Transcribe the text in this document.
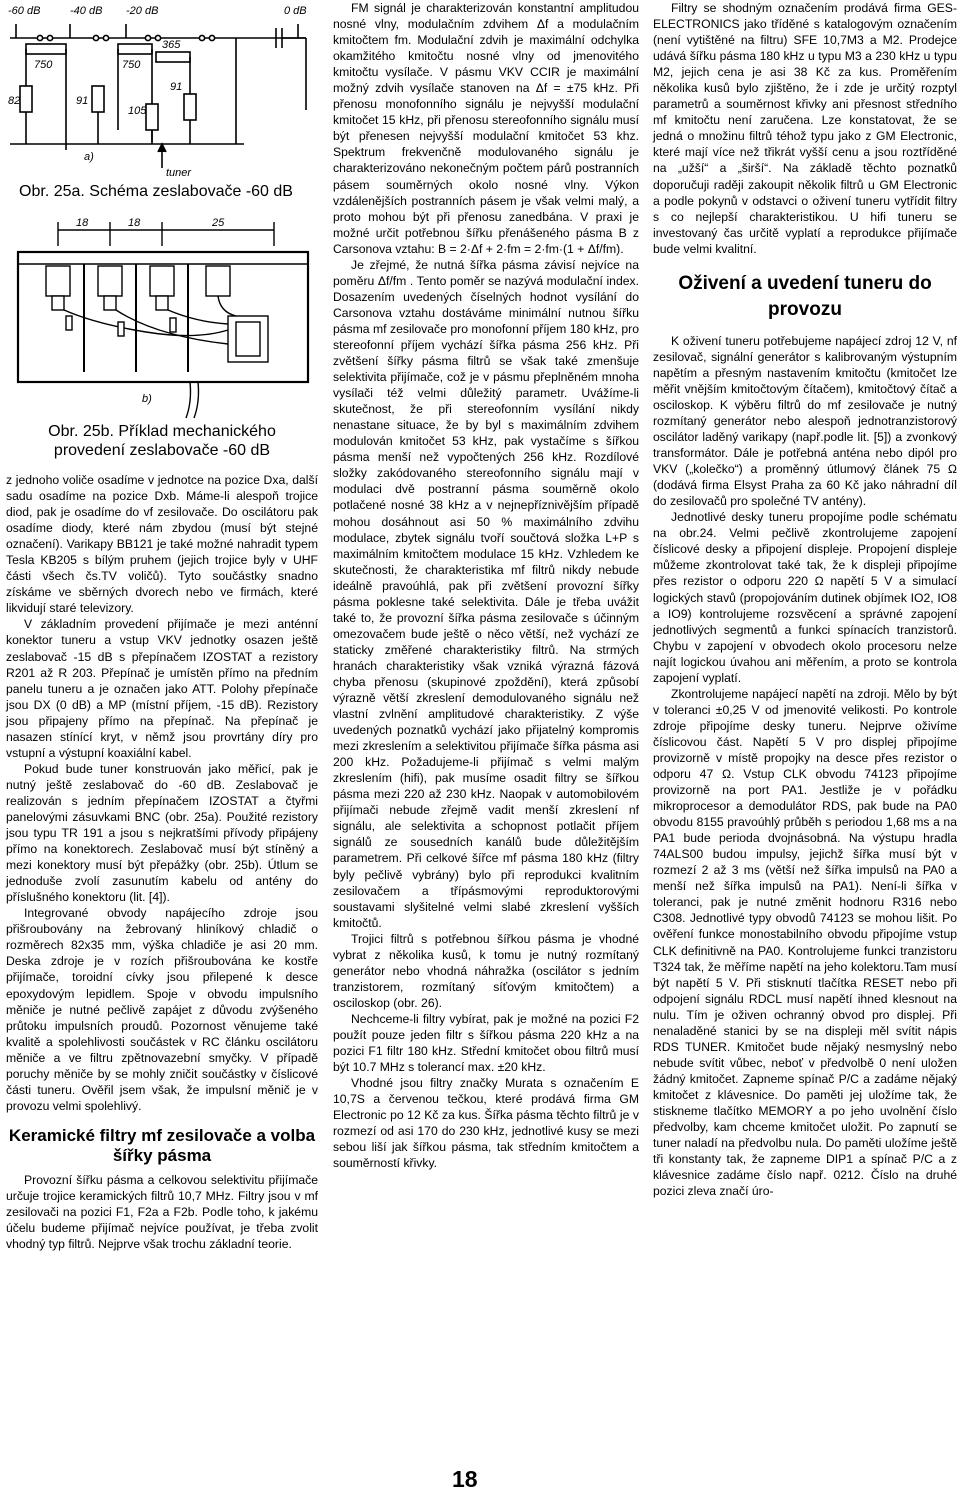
-60 dB	-40 dB -20 dB	0 dB
750	750
365
91
82	91
105
a)
tuner

Obr. 25a. Schéma zeslabovače -60 dB

18	18	25
b)

Obr. 25b. Příklad mechanického
provedení zeslabovače -60 dB

z jednoho voliče osadíme v jednotce na pozice Dxa, další sadu osadíme na pozice Dxb. Máme-li alespoň trojice diod, pak je osadíme do vf zesilovače. Do oscilátoru pak osadíme diody, které nám zbydou (musí být stejné označení). Varikapy BB121 je také možné nahradit typem Tesla KB205 s bílým pruhem (jejich trojice byly v UHF části všech čs.TV voličů). Tyto součástky snadno získáme ve sběrných dvorech nebo ve firmách, které likvidují staré televizory.

V základním provedení přijímače je mezi anténní konektor tuneru a vstup VKV jednotky osazen ještě zeslabovač -15 dB s přepínačem IZOSTAT a rezistory R201 až R 203. Přepínač je umístěn přímo na předním panelu tuneru a je označen jako ATT. Polohy přepínače jsou DX (0 dB) a MP (místní příjem, -15 dB). Rezistory jsou připajeny přímo na přepínač. Na přepínač je nasazen stínící kryt, v němž jsou provrtány díry pro vstupní a výstupní koaxiální kabel.

Pokud bude tuner konstruován jako měřicí, pak je nutný ještě zeslabovač do -60 dB. Zeslabovač je realizován s jedním přepínačem IZOSTAT a čtyřmi panelovými zásuvkami BNC (obr. 25a). Použité rezistory jsou typu TR 191 a jsou s nejkratšími přívody připájeny přímo na konektorech. Zeslabovač musí být stíněný a mezi konektory musí být přepážky (obr. 25b). Útlum se jednoduše zvolí zasunutím kabelu od antény do příslušného konektoru (lit. [4]).

Integrované obvody napájecího zdroje jsou přišroubovány na žebrovaný hliníkový chladič o rozměrech 82x35 mm, výška chladiče je asi 20 mm. Deska zdroje je v rozích přišroubována ke kostře přijímače, toroidní cívky jsou přilepené k desce epoxydovým lepidlem. Spoje v obvodu impulsního měniče je nutné pečlivě zapájet z důvodu zvýšeného průtoku impulsních proudů. Pozornost věnujeme také kvalitě a spolehlivosti součástek v RC článku oscilátoru měniče a ve filtru zpětnovazební smyčky. V případě poruchy měniče by se mohly zničit součástky v číslicové části tuneru. Ověřil jsem však, že impulsní měnič je v provozu velmi spolehlivý.

Keramické filtry mf zesilovače a volba šířky pásma

Provozní šířku pásma a celkovou selektivitu přijímače určuje trojice keramických filtrů 10,7 MHz. Filtry jsou v mf zesilovači na pozici F1, F2a a F2b. Podle toho, k jakému účelu budeme přijímač nejvíce používat, je třeba zvolit vhodný typ filtrů. Nejprve však trochu základní teorie.

FM signál je charakterizován konstantní amplitudou nosné vlny, modulačním zdvihem Δf a modulačním kmitočtem fm. Modulační zdvih je maximální odchylka okamžitého kmitočtu nosné vlny od jmenovitého kmitočtu vysílače. V pásmu VKV CCIR je maximální možný zdvih vysílače stanoven na Δf = ±75 kHz. Při přenosu monofonního signálu je nejvyšší modulační kmitočet 15 kHz, při přenosu stereofonního signálu musí být přenesen nejvyšší modulační kmitočet 53 khz. Spektrum frekvenčně modulovaného signálu je charakterizováno nekonečným počtem párů postranních pásem souměrných okolo nosné vlny. Výkon vzdálenějších postranních pásem je však velmi malý, a proto mohou být při přenosu zanedbána. V praxi je možné určit potřebnou šířku přenášeného pásma B z Carsonova vztahu: B = 2·Δf + 2·fm = 2·fm·(1 + Δf/fm).

Je zřejmé, že nutná šířka pásma závisí nejvíce na poměru Δf/fm . Tento poměr se nazývá modulační index. Dosazením uvedených číselných hodnot vysílání do Carsonova vztahu dostáváme minimální nutnou šířku pásma mf zesilovače pro monofonní příjem 180 kHz, pro stereofonní příjem vychází šířka pásma 256 kHz. Při zvětšení šířky pásma filtrů se však také zmenšuje selektivita přijímače, což je v pásmu přeplněném mnoha vysílači též velmi důležitý parametr. Uvážíme-li skutečnost, že při stereofonním vysílání nikdy nenastane situace, že by byl s maximálním zdvihem modulován kmitočet 53 kHz, pak vystačíme s šířkou pásma menší než vypočtených 256 kHz. Rozdílové složky zakódovaného stereofonního signálu mají v modulaci dvě postranní pásma souměrně okolo potlačené nosné 38 kHz a v nejnepříznivějším případě mohou dosáhnout asi 50 % maximálního zdvihu modulace, zbytek signálu tvoří součtová složka L+P s maximálním kmitočtem modulace 15 kHz. Vzhledem ke skutečnosti, že charakteristika mf filtrů nikdy nebude ideálně pravoúhlá, pak při zvětšení provozní šířky pásma poklesne také selektivita. Dále je třeba uvážit také to, že provozní šířka pásma zesilovače s účinným omezovačem bude ještě o něco větší, než vychází ze staticky změřené charakteristiky filtrů. Na strmých hranách charakteristiky však vzniká výrazná fázová chyba přenosu (skupinové zpoždění), která způsobí výrazně větší zkreslení demodulovaného signálu než vlastní zvlnění amplitudové charakteristiky. Z výše uvedených poznatků vychází jako přijatelný kompromis mezi zkreslením a selektivitou přijímače šířka pásma asi 200 kHz. Požadujeme-li přijímač s velmi malým zkreslením (hifi), pak musíme osadit filtry se šířkou pásma mezi 220 až 230 kHz. Naopak v automobilovém přijímači nebude zřejmě vadit menší zkreslení nf signálu, ale selektivita a schopnost potlačit příjem signálů ze sousedních kanálů bude důležitějším parametrem. Při celkové šířce mf pásma 180 kHz (filtry byly pečlivě vybrány) bylo při reprodukci kvalitním zesilovačem a třípásmovými reproduktorovými soustavami slyšitelné velmi slabé zkreslení vyšších kmitočtů.

Trojici filtrů s potřebnou šířkou pásma je vhodné vybrat z několika kusů, k tomu je nutný rozmítaný generátor nebo vhodná náhražka (oscilátor s jedním tranzistorem, rozmítaný síťovým kmitočtem) a osciloskop (obr. 26).

Nechceme-li filtry vybírat, pak je možné na pozici F2 použít pouze jeden filtr s šířkou pásma 220 kHz a na pozici F1 filtr 180 kHz. Střední kmitočet obou filtrů musí být 10.7 MHz s tolerancí max. ±20 kHz.

Vhodné jsou filtry značky Murata s označením E 10,7S a červenou tečkou, které prodává firma GM Electronic po 12 Kč za kus. Šířka pásma těchto filtrů je v rozmezí od asi 170 do 230 kHz, jednotlivé kusy se mezi sebou liší jak šířkou pásma, tak středním kmitočtem a souměrností křivky.

Filtry se shodným označením prodává firma GES-ELECTRONICS jako tříděné s katalogovým označením (není vytištěné na filtru) SFE 10,7M3 a M2. Prodejce udává šířku pásma 180 kHz u typu M3 a 230 kHz u typu M2, jejich cena je asi 38 Kč za kus. Proměřením několika kusů bylo zjištěno, že i zde je určitý rozptyl parametrů a souměrnost křivky ani přesnost středního mf kmitočtu není zaručena. Lze konstatovat, že se jedná o množinu filtrů téhož typu jako z GM Electronic, které mají více než třikrát vyšší cenu a jsou roztříděné na „užší“ a „širší“. Na základě těchto poznatků doporučuji raději zakoupit několik filtrů u GM Electronic a podle pokynů v odstavci o oživení tuneru vytřídit filtry s co nejlepší charakteristikou. U hifi tuneru se investovaný čas určitě vyplatí a reprodukce přijímače bude velmi kvalitní.

Oživení a uvedení tuneru do provozu

K oživení tuneru potřebujeme napájecí zdroj 12 V, nf zesilovač, signální generátor s kalibrovaným výstupním napětím a přesným nastavením kmitočtu (kmitočet lze měřit vnějším kmitočtovým čítačem), kmitočtový čítač a osciloskop. K výběru filtrů do mf zesilovače je nutný rozmítaný generátor nebo alespoň jednotranzistorový oscilátor laděný varikapy (např.podle lit. [5]) a zvonkový transformátor. Dále je potřebná anténa nebo dipól pro VKV („kolečko“) a proměnný útlumový článek 75 Ω (dodává firma Elsyst Praha za 60 Kč jako náhradní díl do zesilovačů pro společné TV antény).

Jednotlivé desky tuneru propojíme podle schématu na obr.24. Velmi pečlivě zkontrolujeme zapojení číslicové desky a připojení displeje. Propojení displeje můžeme zkontrolovat také tak, že k displeji připojíme přes rezistor o odporu 220 Ω napětí 5 V a simulací logických stavů (propojováním dutinek objímek IO2, IO8 a IO9) kontrolujeme rozsvěcení a správné zapojení jednotlivých segmentů a funkci spínacích tranzistorů. Chybu v zapojení v obvodech okolo procesoru nelze najít logickou úvahou ani měřením, a proto se kontrola zapojení vyplatí.

Zkontrolujeme napájecí napětí na zdroji. Mělo by být v toleranci ±0,25 V od jmenovité velikosti. Po kontrole zdroje připojíme desky tuneru. Nejprve oživíme číslicovou část. Napětí 5 V pro displej připojíme provizorně v místě propojky na desce přes rezistor o odporu 47 Ω. Vstup CLK obvodu 74123 připojíme provizorně na port PA1. Jestliže je v pořádku mikroprocesor a demodulátor RDS, pak bude na PA0 obvodu 8155 pravoúhlý průběh s periodou 1,68 ms a na PA1 bude perioda dvojnásobná. Na výstupu hradla 74ALS00 budou impulsy, jejichž šířka musí být v rozmezí 2 až 3 ms (větší než šířka impulsů na PA0 a menší než šířka impulsů na PA1). Není-li šířka v toleranci, pak je nutné změnit hodnoru R316 nebo C308. Jednotlivé typy obvodů 74123 se mohou lišit. Po ověření funkce monostabilního obvodu připojíme vstup CLK definitivně na PA0. Kontrolujeme funkci tranzistoru T324 tak, že měříme napětí na jeho kolektoru.Tam musí být napětí 5 V. Při stisknutí tlačítka RESET nebo při odpojení signálu RDCL musí napětí ihned klesnout na nulu. Tím je oživen ochranný obvod pro displej. Při nenaladěné stanici by se na displeji měl svítit nápis RDS TUNER. Kmitočet bude nějaký nesmyslný nebo nebude svítit vůbec, neboť v předvolbě 0 není uložen žádný kmitočet. Zapneme spínač P/C a zadáme nějaký kmitočet z klávesnice. Do paměti jej uložíme tak, že stiskneme tlačítko MEMORY a po jeho uvolnění číslo předvolby, kam chceme kmitočet uložit. Po zapnutí se tuner naladí na předvolbu nula. Do paměti uložíme ještě tři konstanty tak, že zapneme DIP1 a spínač P/C a z klávesnice zadáme číslo např. 0212. Číslo na druhé pozici zleva značí úro-

18
